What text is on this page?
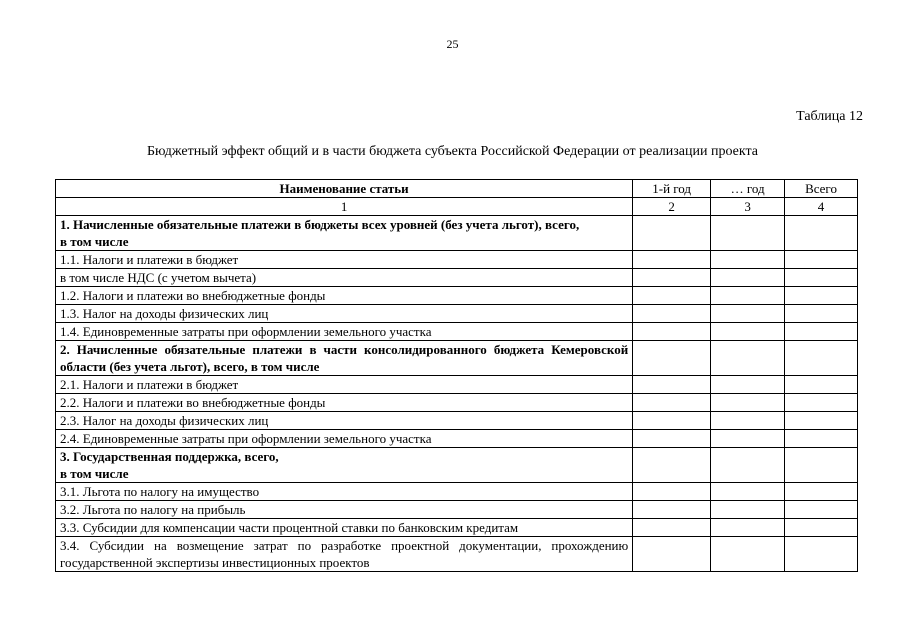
25
Таблица 12
Бюджетный эффект общий и в части бюджета субъекта Российской Федерации от реализации проекта
Наименование статьи	1-й год	… год	Всего
1	2	3	4
1. Начисленные обязательные платежи в бюджеты всех уровней (без учета льгот), всего,
в том числе			
1.1. Налоги и платежи в бюджет			
в том числе НДС (с учетом вычета)			
1.2. Налоги и платежи во внебюджетные фонды			
1.3. Налог на доходы физических лиц			
1.4. Единовременные затраты при оформлении земельного участка			
2. Начисленные обязательные платежи в части консолидированного бюджета Кемеровской области (без учета льгот), всего, в том числе			
2.1. Налоги и платежи в бюджет			
2.2. Налоги и платежи во внебюджетные фонды			
2.3. Налог на доходы физических лиц			
2.4. Единовременные затраты при оформлении земельного участка			
3. Государственная поддержка, всего,
в том числе			
3.1. Льгота по налогу на имущество			
3.2. Льгота по налогу на прибыль			
3.3. Субсидии для компенсации части процентной ставки по банковским кредитам			
3.4. Субсидии на возмещение затрат по разработке проектной документации, прохождению государственной экспертизы инвестиционных проектов			
